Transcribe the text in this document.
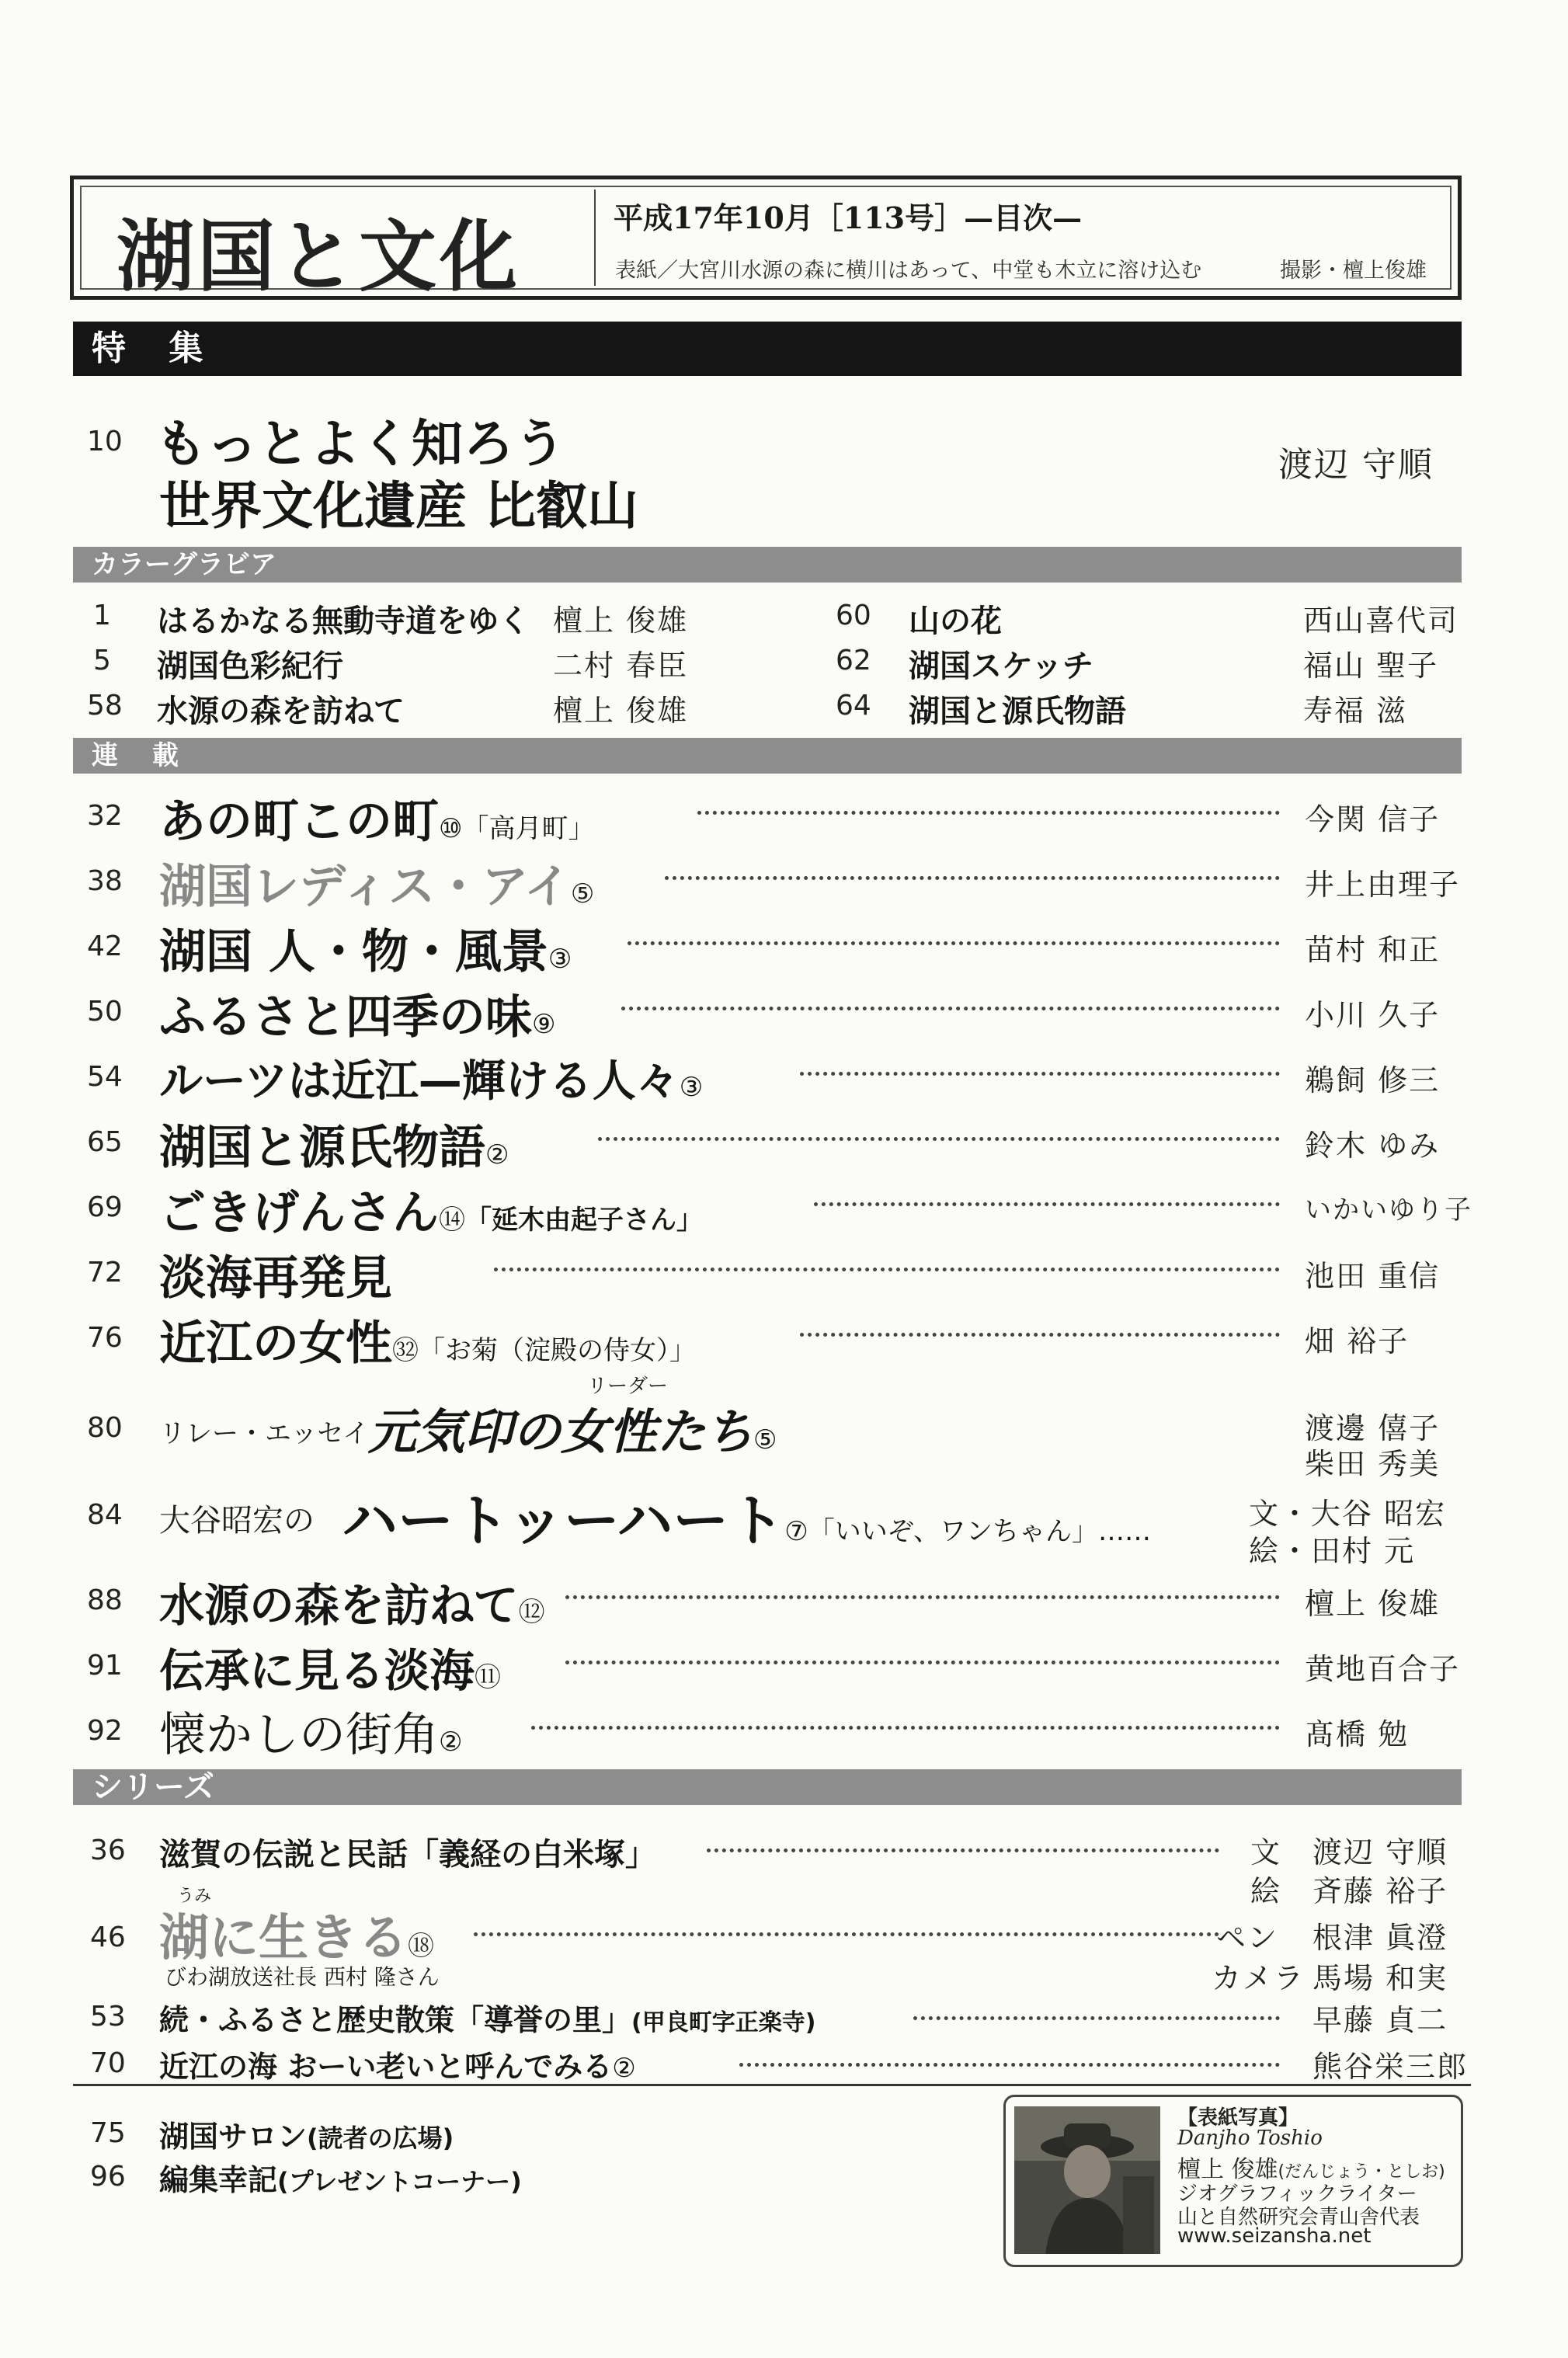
湖国と文化	平成17年10月［113号］—目次—
表紙／大宮川水源の森に横川はあって、中堂も木立に溶け込む	撮影・檀上俊雄
特 集
10 もっとよく知ろう
世界文化遺産 比叡山
渡辺 守順
カラーグラビア
1 はるかなる無動寺道をゆく 檀上 俊雄
5 湖国色彩紀行	二村 春臣
58 水源の森を訪ねて	檀上 俊雄
60 山の花	西山喜代司
62 湖国スケッチ	福山 聖子
64 湖国と源氏物語	寿福 滋
連 載
32 あの町この町⑩「高月町」	今関 信子
38 湖国レディス・アイ⑤	井上由理子
42 湖国 人・物・風景③	苗村 和正
50 ふるさと四季の味⑨	小川 久子
54 ルーツは近江—輝ける人々③	鵜飼 修三
65 湖国と源氏物語②	鈴木 ゆみ
69 ごきげんさん⑭「延木由起子さん」	いかいゆり子
72 淡海再発見	池田 重信
76 近江の女性㉜「お菊（淀殿の侍女）」	畑 裕子
80 リレー・エッセイ
リーダー
元気印の女性たち⑤	渡邊 僖子
柴田 秀美
84 大谷昭宏の ハートッーハート⑦「いいぞ、ワンちゃん」……
文・大谷 昭宏
絵・田村 元
88 水源の森を訪ねて⑫	檀上 俊雄
91 伝承に見る淡海⑪	黄地百合子
92 懐かしの街角②	髙橋 勉
シリーズ
36 滋賀の伝説と民話「義経の白米塚」	文 渡辺 守順
絵 斉藤 裕子
46
うみ
湖に生きる⑱
びわ湖放送社長 西村 隆さん
ペン 根津 眞澄
カメラ 馬場 和実
53 続・ふるさと歴史散策「導誉の里」(甲良町字正楽寺)	早藤 貞二
70 近江の海 おーい老いと呼んでみる②	熊谷栄三郎
75 湖国サロン(読者の広場)
96 編集幸記(プレゼントコーナー)
【表紙写真】
Danjho Toshio
檀上 俊雄(だんじょう・としお)
ジオグラフィックライター
山と自然研究会青山舎代表
www.seizansha.net
